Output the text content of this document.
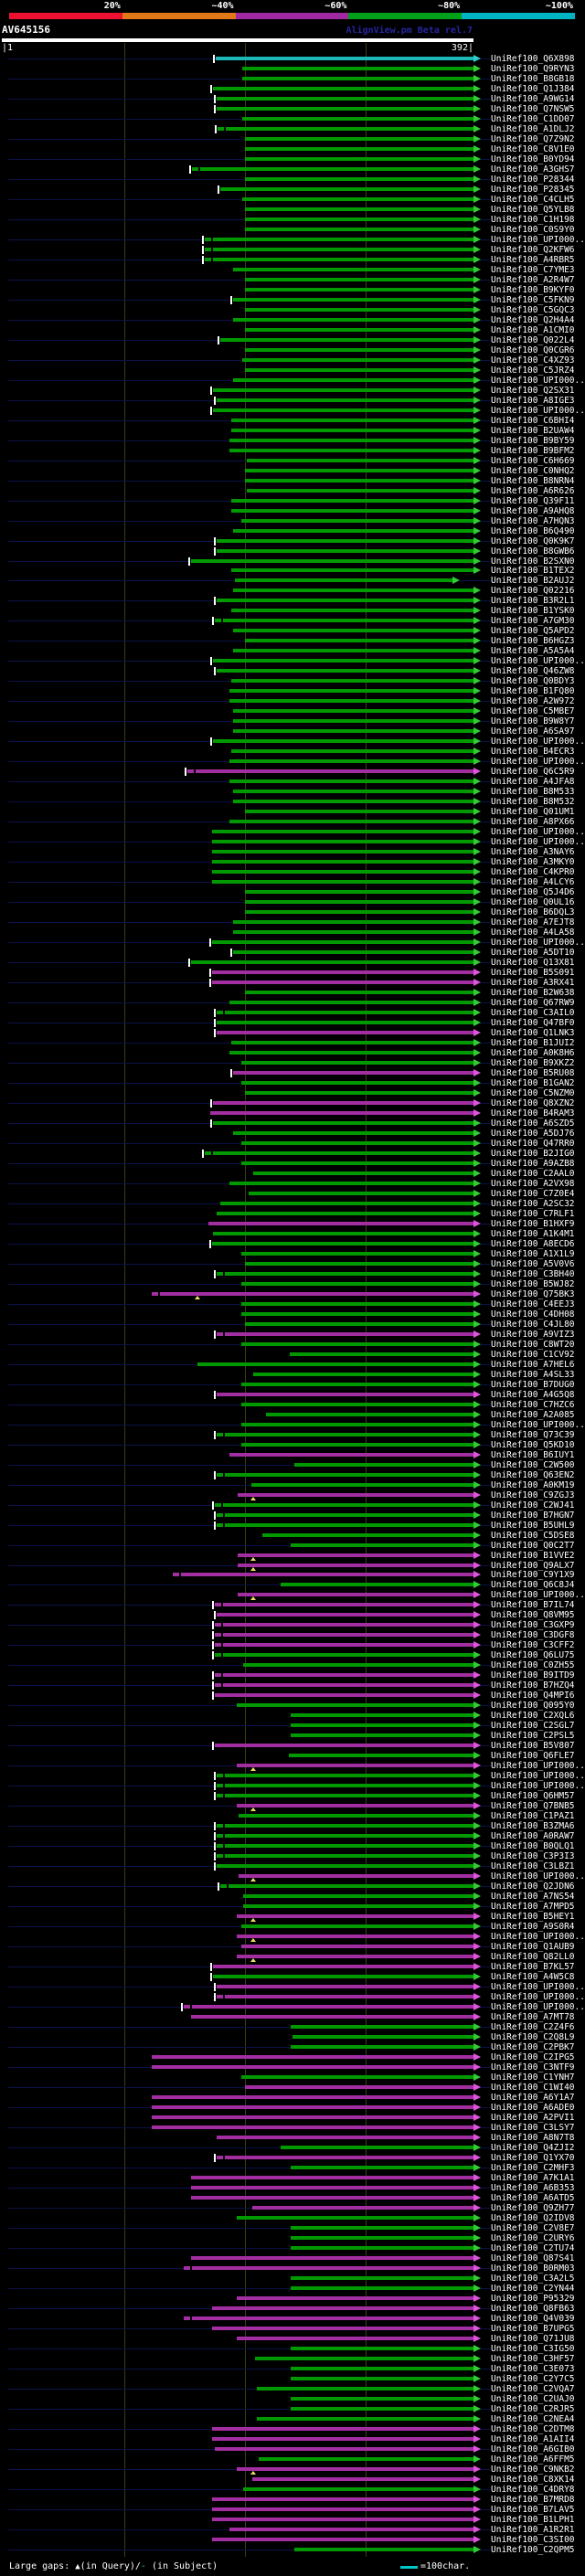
20%	~40%	~60%	~80%	~100%
AV645156	AlignView.pm Beta rel.7
|1	392|
UniRef100_Q6X898
UniRef100_Q9RYN3
UniRef100_B8GB18
UniRef100_Q1J384
UniRef100_A9WG14
UniRef100_Q7NSW5
UniRef100_C1DD07
UniRef100_A1DLJ2
UniRef100_Q7Z9N2
UniRef100_C8V1E0
UniRef100_B0YD94
UniRef100_A3GHS7
UniRef100_P28344
UniRef100_P28345
UniRef100_C4CLH5
UniRef100_Q5YLB8
UniRef100_C1H198
UniRef100_C0S9Y0
UniRef100_UPI000..
UniRef100_Q2KFW6
UniRef100_A4RBR5
UniRef100_C7YME3
UniRef100_A2R4W7
UniRef100_B9KYF0
UniRef100_C5FKN9
UniRef100_C5GQC3
UniRef100_Q2H4A4
UniRef100_A1CMI0
UniRef100_Q022L4
UniRef100_Q0CGR6
UniRef100_C4XZ93
UniRef100_C5JRZ4
UniRef100_UPI000..
UniRef100_Q2SX31
UniRef100_A8IGE3
UniRef100_UPI000..
UniRef100_C6BHI4
UniRef100_B2UAW4
UniRef100_B9BY59
UniRef100_B9BFM2
UniRef100_C6H669
UniRef100_C0NHQ2
UniRef100_B8NRN4
UniRef100_A6R626
UniRef100_Q39F11
UniRef100_A9AHQ8
UniRef100_A7HQN3
UniRef100_B6Q490
UniRef100_Q0K9K7
UniRef100_B8GWB6
UniRef100_B2SXN0
UniRef100_B1TEX2
UniRef100_B2AUJ2
UniRef100_Q02216
UniRef100_B3R2L1
UniRef100_B1YSK0
UniRef100_A7GM30
UniRef100_Q5APD2
UniRef100_B6HGZ3
UniRef100_A5A5A4
UniRef100_UPI000..
UniRef100_Q46ZW8
UniRef100_Q0BDY3
UniRef100_B1FQ80
UniRef100_A2W972
UniRef100_C5MBE7
UniRef100_B9W8Y7
UniRef100_A6SA97
UniRef100_UPI000..
UniRef100_B4ECR3
UniRef100_UPI000..
UniRef100_Q6C5R9
UniRef100_A4JFA8
UniRef100_B8M533
UniRef100_B8M532
UniRef100_Q01UM1
UniRef100_A8PX66
UniRef100_UPI000..
UniRef100_UPI000..
UniRef100_A3NAY6
UniRef100_A3MKY0
UniRef100_C4KPR0
UniRef100_A4LCY6
UniRef100_Q5J4D6
UniRef100_Q0UL16
UniRef100_B6DQL3
UniRef100_A7EJT8
UniRef100_A4LA58
UniRef100_UPI000..
UniRef100_A5DT10
UniRef100_Q13X81
UniRef100_B5S091
UniRef100_A3RX41
UniRef100_B2W638
UniRef100_Q67RW9
UniRef100_C3AIL0
UniRef100_Q47BF0
UniRef100_Q1LNK3
UniRef100_B1JUI2
UniRef100_A0K8H6
UniRef100_B9XKZ2
UniRef100_B5RU08
UniRef100_B1GAN2
UniRef100_C5NZM0
UniRef100_Q8XZN2
UniRef100_B4RAM3
UniRef100_A6SZD5
UniRef100_A5DJ76
UniRef100_Q47RR0
UniRef100_B2JIG0
UniRef100_A9AZB8
UniRef100_C2AAL0
UniRef100_A2VX98
UniRef100_C7Z0E4
UniRef100_A2SC32
UniRef100_C7RLF1
UniRef100_B1HXF9
UniRef100_A1K4M1
UniRef100_A8ECD6
UniRef100_A1X1L9
UniRef100_A5V0V6
UniRef100_C3BH40
UniRef100_B5WJ82
UniRef100_Q75BK3
UniRef100_C4EEJ3
UniRef100_C4DH08
UniRef100_C4JL80
UniRef100_A9VIZ3
UniRef100_C8WT20
UniRef100_C1CV92
UniRef100_A7HEL6
UniRef100_A4SL33
UniRef100_B7DUG0
UniRef100_A4G5Q8
UniRef100_C7HZC6
UniRef100_A2A085
UniRef100_UPI000..
UniRef100_Q73C39
UniRef100_Q5KD10
UniRef100_B6IUY1
UniRef100_C2W500
UniRef100_Q63EN2
UniRef100_A0KM19
UniRef100_C9ZGJ3
UniRef100_C2WJ41
UniRef100_B7HGN7
UniRef100_B5UHL9
UniRef100_C5DSE8
UniRef100_Q0C2T7
UniRef100_B1VVE2
UniRef100_Q9ALX7
UniRef100_C9Y1X9
UniRef100_Q6C8J4
UniRef100_UPI000..
UniRef100_B7IL74
UniRef100_Q8VM95
UniRef100_C3GXP9
UniRef100_C3DGF8
UniRef100_C3CFF2
UniRef100_Q6LU75
UniRef100_C0ZH55
UniRef100_B9ITD9
UniRef100_B7HZQ4
UniRef100_Q4MPI6
UniRef100_Q095Y0
UniRef100_C2XQL6
UniRef100_C2SGL7
UniRef100_C2PSL5
UniRef100_B5V807
UniRef100_Q6FLE7
UniRef100_UPI000..
UniRef100_UPI000..
UniRef100_UPI000..
UniRef100_Q6HM57
UniRef100_Q7BNB5
UniRef100_C1PAZ1
UniRef100_B3ZMA6
UniRef100_A0RAW7
UniRef100_B0QLQ1
UniRef100_C3P3I3
UniRef100_C3LBZ1
UniRef100_UPI000..
UniRef100_Q2JDN6
UniRef100_A7NS54
UniRef100_A7MPD5
UniRef100_B5HEY1
UniRef100_A9S0R4
UniRef100_UPI000..
UniRef100_Q1AUB9
UniRef100_Q82LL0
UniRef100_B7KL57
UniRef100_A4W5C8
UniRef100_UPI000..
UniRef100_UPI000..
UniRef100_UPI000..
UniRef100_A7MT78
UniRef100_C2Z4F6
UniRef100_C2Q8L9
UniRef100_C2PBK7
UniRef100_C2IPG5
UniRef100_C3NTF9
UniRef100_C1YNH7
UniRef100_C1WI40
UniRef100_A6Y1A7
UniRef100_A6ADE0
UniRef100_A2PVI1
UniRef100_C3LSY7
UniRef100_A8N7T8
UniRef100_Q4ZJI2
UniRef100_Q1YX70
UniRef100_C2MHF3
UniRef100_A7K1A1
UniRef100_A6B353
UniRef100_A6ATD5
UniRef100_Q9ZH77
UniRef100_Q2IDV8
UniRef100_C2V8E7
UniRef100_C2URY6
UniRef100_C2TU74
UniRef100_Q87S41
UniRef100_B0RM03
UniRef100_C3A2L5
UniRef100_C2YN44
UniRef100_P95329
UniRef100_Q8FB63
UniRef100_Q4V039
UniRef100_B7UPG5
UniRef100_Q71JU8
UniRef100_C3IG50
UniRef100_C3HF57
UniRef100_C3E073
UniRef100_C2Y7C5
UniRef100_C2VQA7
UniRef100_C2UAJ0
UniRef100_C2RJR5
UniRef100_C2NEA4
UniRef100_C2DTM8
UniRef100_A1AII4
UniRef100_A6GIB0
UniRef100_A6FFM5
UniRef100_C9NKB2
UniRef100_C8XK14
UniRef100_C4DRY8
UniRef100_B7MRD8
UniRef100_B7LAV5
UniRef100_B1LPH1
UniRef100_A1R2R1
UniRef100_C3SI00
UniRef100_C2QPM5
Large gaps: ▲(in Query)/- (in Subject)	=100char.
